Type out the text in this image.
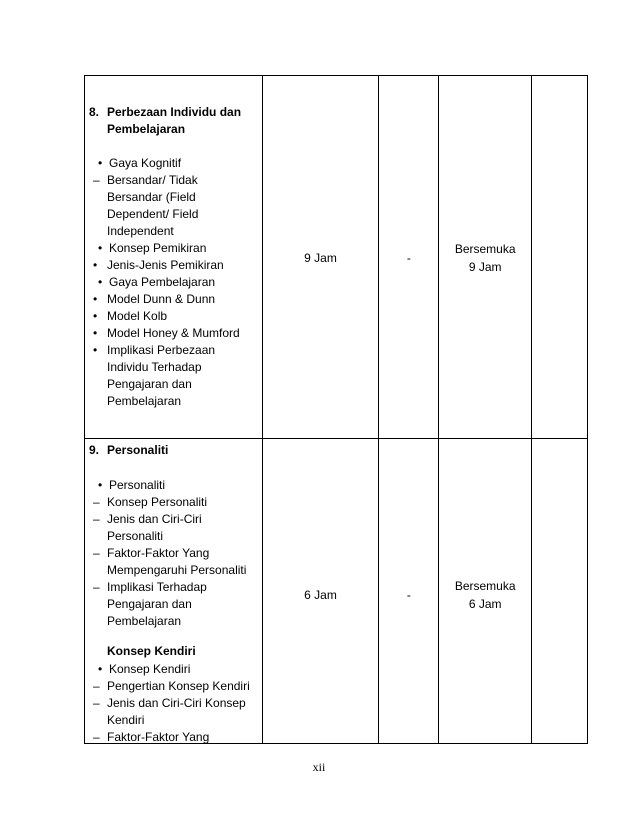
8. Perbezaan Individu dan
Pembelajaran
• Gaya Kognitif
– Bersandar/ Tidak
Bersandar (Field
Dependent/ Field
Independent
• Konsep Pemikiran
• Jenis-Jenis Pemikiran
• Gaya Pembelajaran
• Model Dunn & Dunn
• Model Kolb
• Model Honey & Mumford
• Implikasi Perbezaan
Individu Terhadap
Pengajaran dan
Pembelajaran
9 Jam	-
Bersemuka
9 Jam
9. Personaliti
• Personaliti
– Konsep Personaliti
– Jenis dan Ciri-Ciri
Personaliti
– Faktor-Faktor Yang
Mempengaruhi Personaliti
– Implikasi Terhadap
Pengajaran dan
Pembelajaran
Konsep Kendiri
• Konsep Kendiri
– Pengertian Konsep Kendiri
– Jenis dan Ciri-Ciri Konsep
Kendiri
– Faktor-Faktor Yang
6 Jam	-
Bersemuka
6 Jam
xii
